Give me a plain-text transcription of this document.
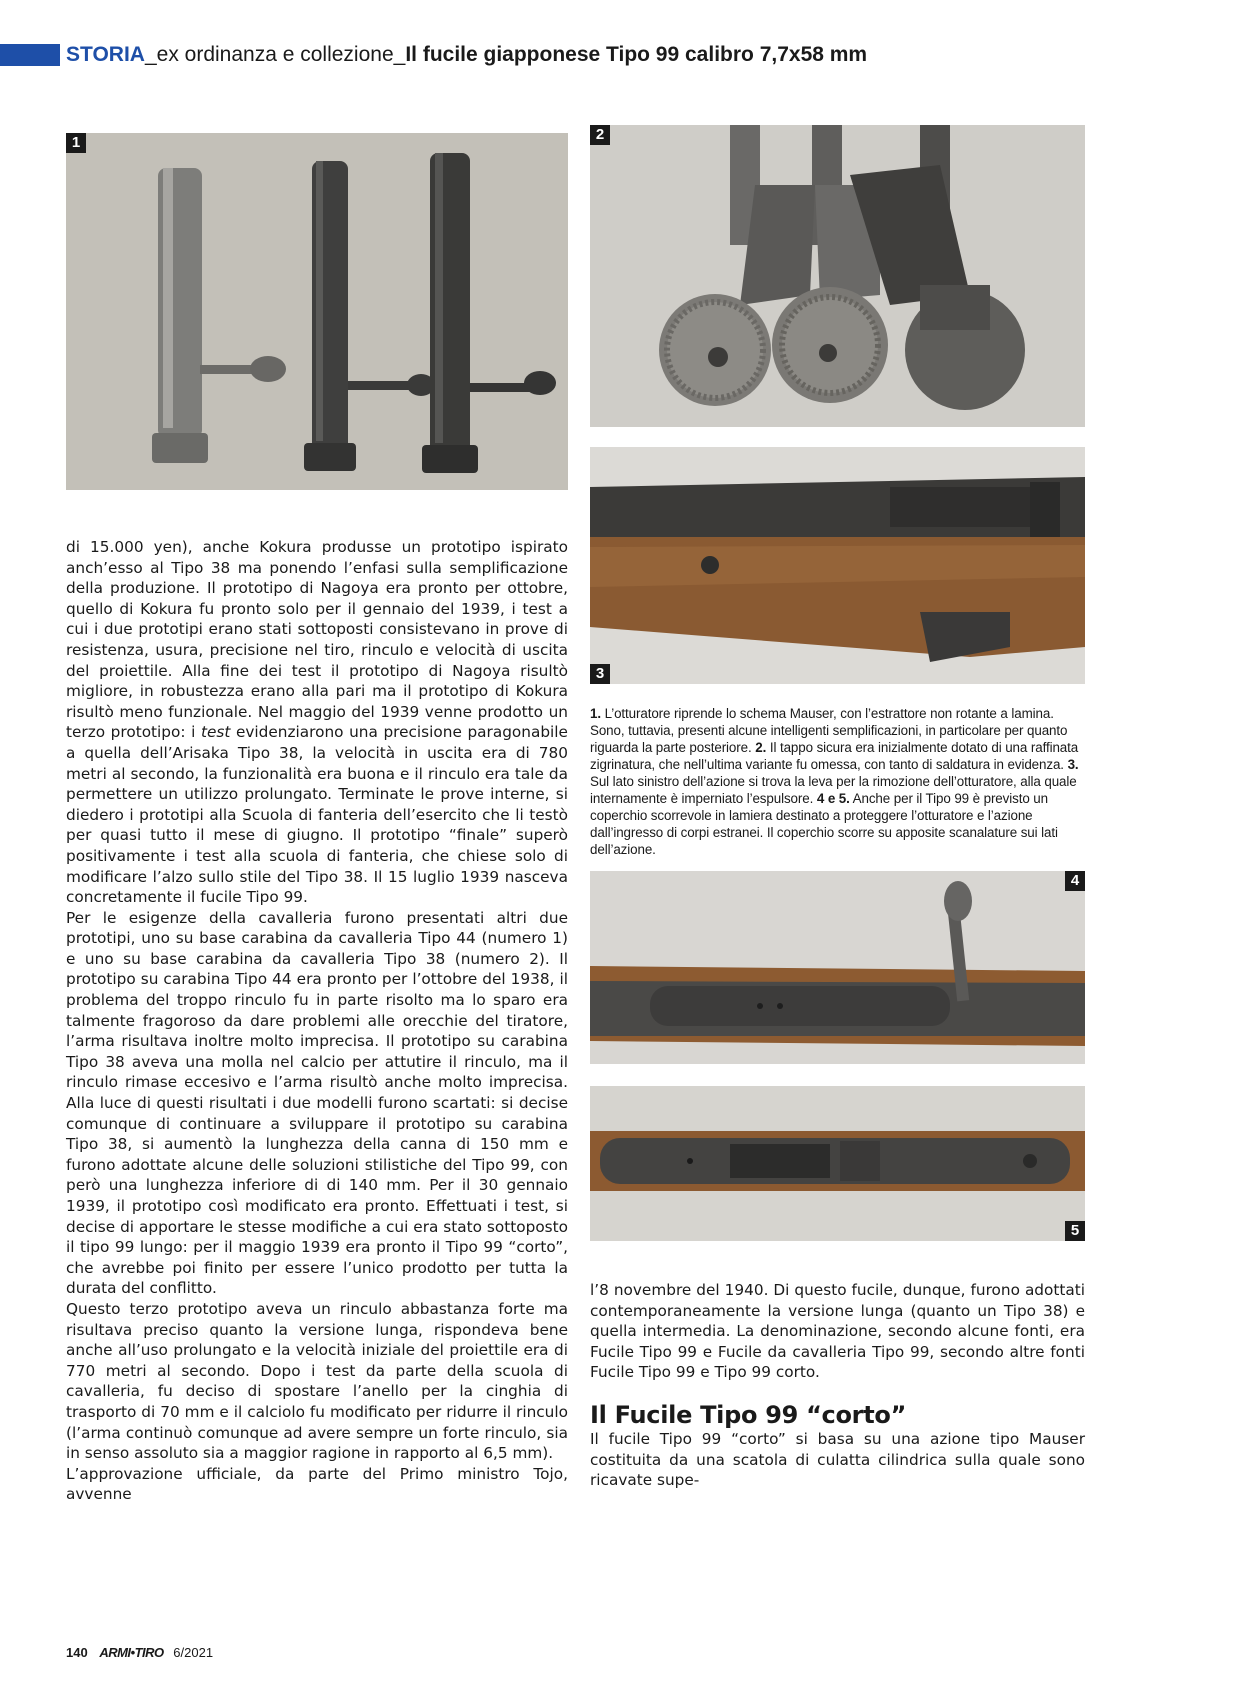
STORIA_ex ordinanza e collezione_Il fucile giapponese Tipo 99 calibro 7,7x58 mm
1	2
3
1. L’otturatore riprende lo schema Mauser, con l’estrattore non rotante a lamina. Sono, tuttavia, presenti alcune intelligenti semplificazioni, in particolare per quanto riguarda la parte posteriore. 2. Il tappo sicura era inizialmente dotato di una raffinata zigrinatura, che nell’ultima variante fu omessa, con tanto di saldatura in evidenza. 3. Sul lato sinistro dell’azione si trova la leva per la rimozione dell’otturatore, alla quale internamente è imperniato l’espulsore. 4 e 5. Anche per il Tipo 99 è previsto un coperchio scorrevole in lamiera destinato a proteggere l’otturatore e l’azione dall’ingresso di corpi estranei. Il coperchio scorre su apposite scanalature sui lati dell’azione.
4
5

di 15.000 yen), anche Kokura produsse un prototipo ispirato anch’esso al Tipo 38 ma ponendo l’enfasi sulla semplificazione della produzione. Il prototipo di Nagoya era pronto per ottobre, quello di Kokura fu pronto solo per il gennaio del 1939, i test a cui i due prototipi erano stati sottoposti consistevano in prove di resistenza, usura, precisione nel tiro, rinculo e velocità di uscita del proiettile. Alla fine dei test il prototipo di Nagoya risultò migliore, in robustezza erano alla pari ma il prototipo di Kokura risultò meno funzionale. Nel maggio del 1939 venne prodotto un terzo prototipo: i test evidenziarono una precisione paragonabile a quella dell’Arisaka Tipo 38, la velocità in uscita era di 780 metri al secondo, la funzionalità era buona e il rinculo era tale da permettere un utilizzo prolungato. Terminate le prove interne, si diedero i prototipi alla Scuola di fanteria dell’esercito che li testò per quasi tutto il mese di giugno. Il prototipo “finale” superò positivamente i test alla scuola di fanteria, che chiese solo di modificare l’alzo sullo stile del Tipo 38. Il 15 luglio 1939 nasceva concretamente il fucile Tipo 99.

Per le esigenze della cavalleria furono presentati altri due prototipi, uno su base carabina da cavalleria Tipo 44 (numero 1) e uno su base carabina da cavalleria Tipo 38 (numero 2). Il prototipo su carabina Tipo 44 era pronto per l’ottobre del 1938, il problema del troppo rinculo fu in parte risolto ma lo sparo era talmente fragoroso da dare problemi alle orecchie del tiratore, l’arma risultava inoltre molto imprecisa. Il prototipo su carabina Tipo 38 aveva una molla nel calcio per attutire il rinculo, ma il rinculo rimase eccesivo e l’arma risultò anche molto imprecisa. Alla luce di questi risultati i due modelli furono scartati: si decise comunque di continuare a sviluppare il prototipo su carabina Tipo 38, si aumentò la lunghezza della canna di 150 mm e furono adottate alcune delle soluzioni stilistiche del Tipo 99, con però una lunghezza inferiore di di 140 mm. Per il 30 gennaio 1939, il prototipo così modificato era pronto. Effettuati i test, si decise di apportare le stesse modifiche a cui era stato sottoposto il tipo 99 lungo: per il maggio 1939 era pronto il Tipo 99 “corto”, che avrebbe poi finito per essere l’unico prodotto per tutta la durata del conflitto.

Questo terzo prototipo aveva un rinculo abbastanza forte ma risultava preciso quanto la versione lunga, rispondeva bene anche all’uso prolungato e la velocità iniziale del proiettile era di 770 metri al secondo. Dopo i test da parte della scuola di cavalleria, fu deciso di spostare l’anello per la cinghia di trasporto di 70 mm e il calciolo fu modificato per ridurre il rinculo (l’arma continuò comunque ad avere sempre un forte rinculo, sia in senso assoluto sia a maggior ragione in rapporto al 6,5 mm).

L’approvazione ufficiale, da parte del Primo ministro Tojo, avvenne

l’8 novembre del 1940. Di questo fucile, dunque, furono adottati contemporaneamente la versione lunga (quanto un Tipo 38) e quella intermedia. La denominazione, secondo alcune fonti, era Fucile Tipo 99 e Fucile da cavalleria Tipo 99, secondo altre fonti Fucile Tipo 99 e Tipo 99 corto.

Il Fucile Tipo 99 “corto”

Il fucile Tipo 99 “corto” si basa su una azione tipo Mauser costituita da una scatola di culatta cilindrica sulla quale sono ricavate supe-

140 ARMI•TIRO 6/2021
